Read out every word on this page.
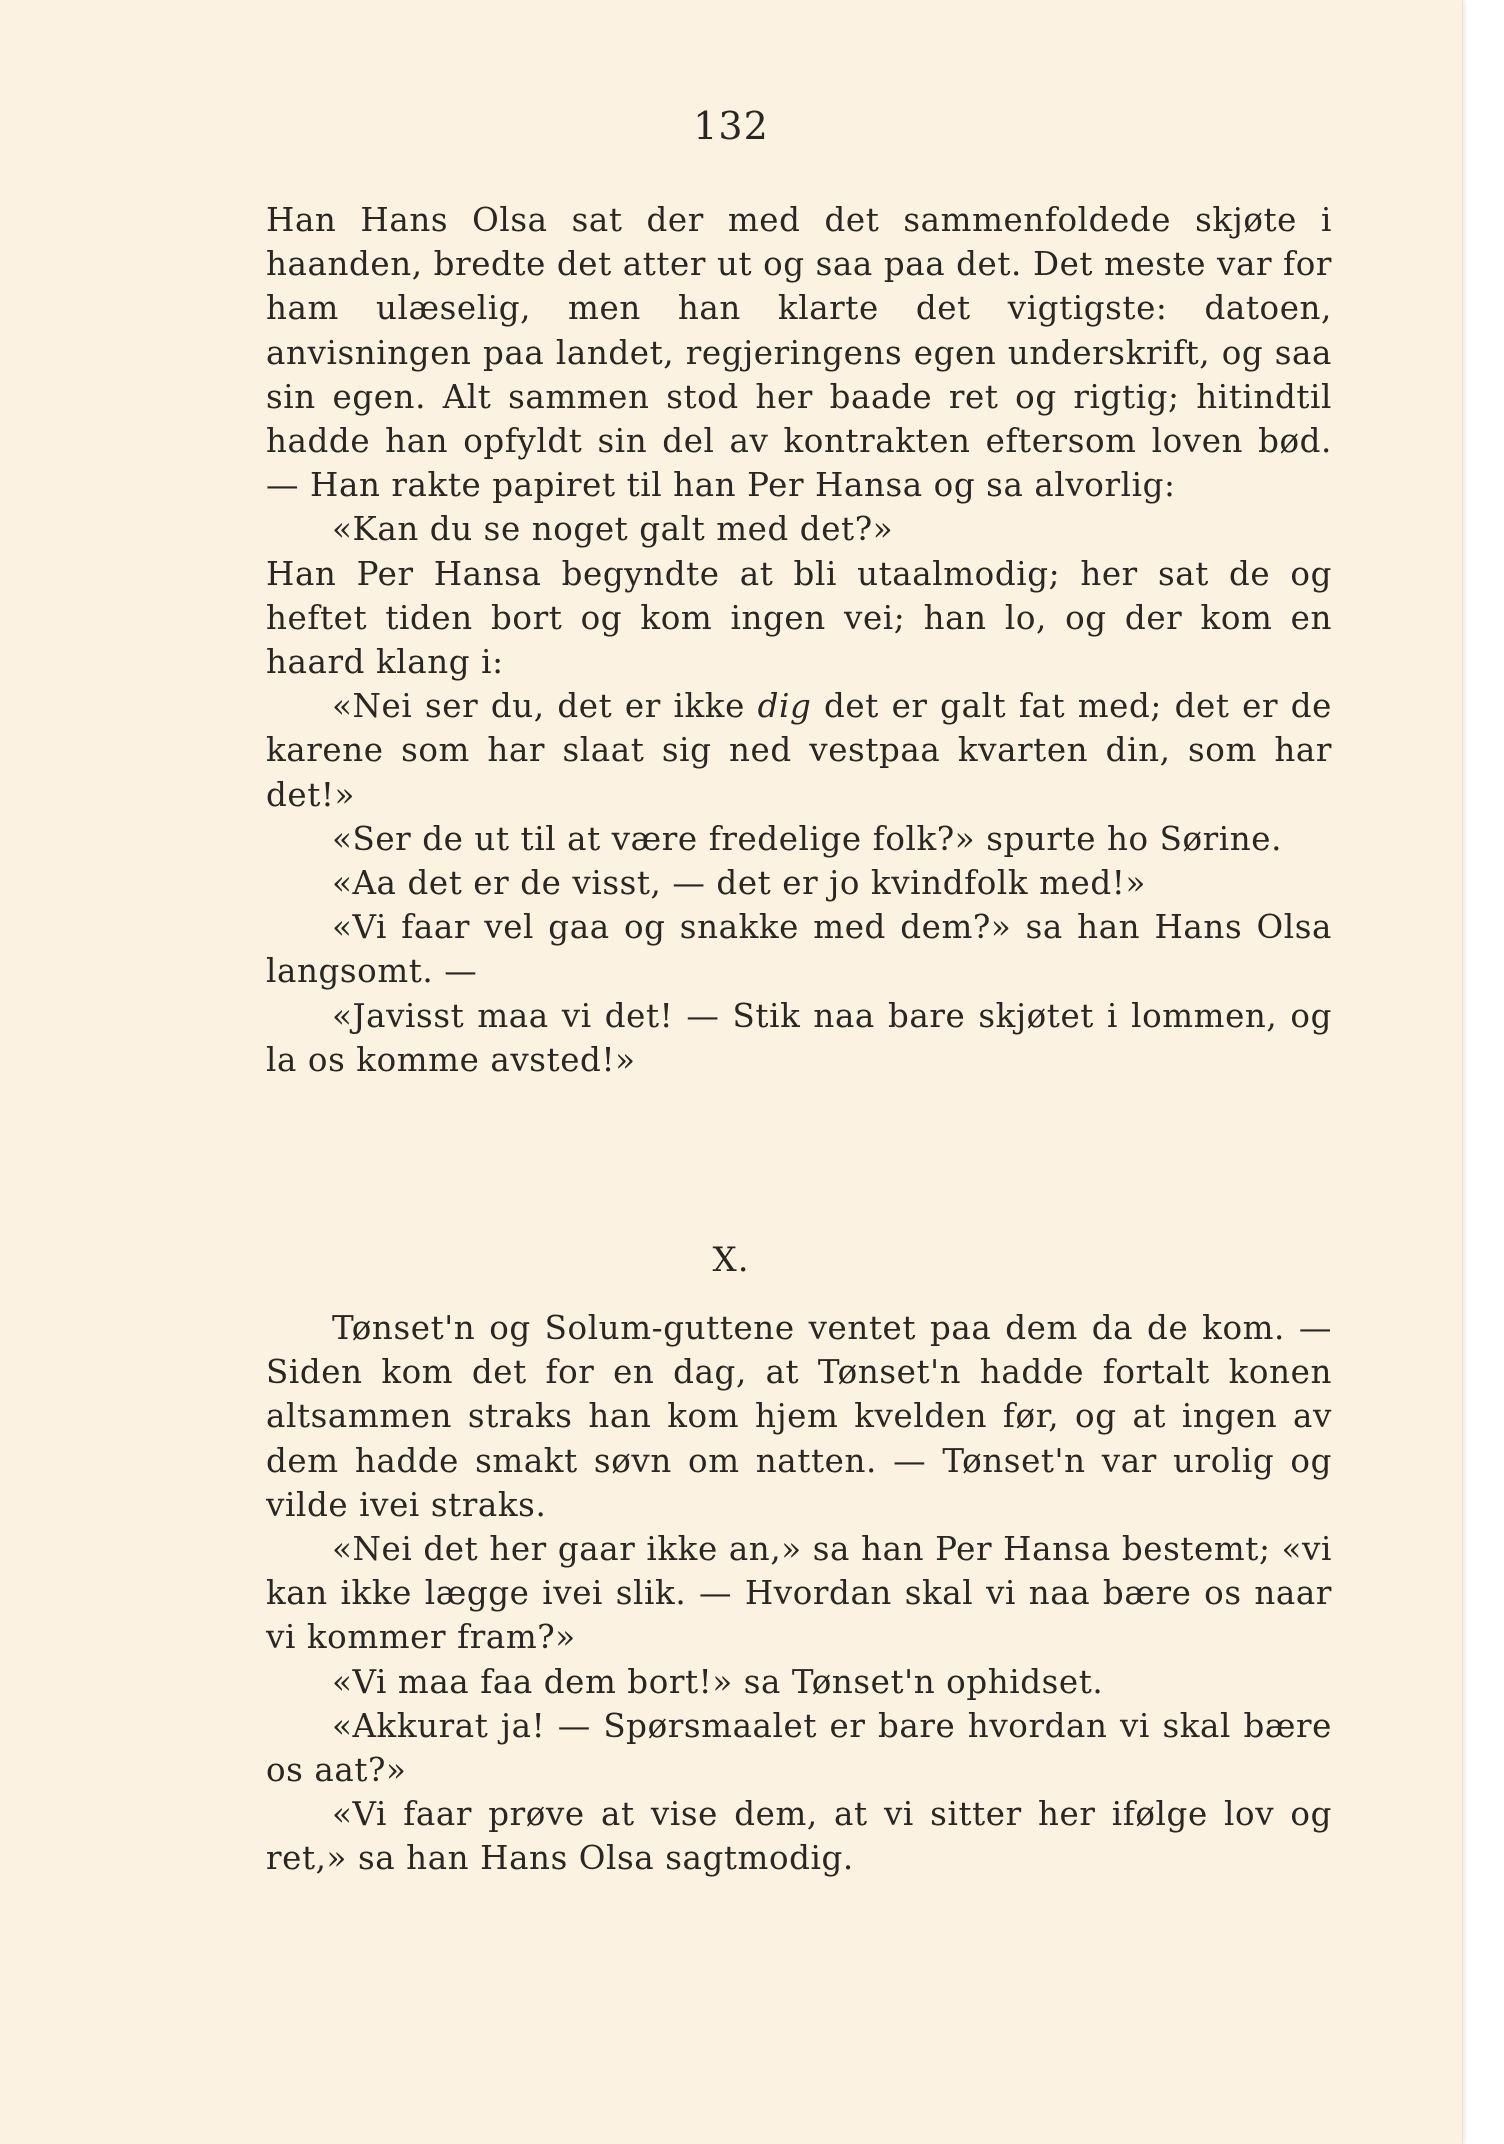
132

Han Hans Olsa sat der med det sammenfoldede skjøte i haanden, bredte det atter ut og saa paa det. Det meste var for ham ulæselig, men han klarte det vigtigste: datoen, anvisningen paa landet, regjeringens egen underskrift, og saa sin egen. Alt sammen stod her baade ret og rigtig; hitindtil hadde han opfyldt sin del av kontrakten eftersom loven bød. — Han rakte papiret til han Per Hansa og sa alvorlig:

«Kan du se noget galt med det?»

Han Per Hansa begyndte at bli utaalmodig; her sat de og heftet tiden bort og kom ingen vei; han lo, og der kom en haard klang i:

«Nei ser du, det er ikke dig det er galt fat med; det er de karene som har slaat sig ned vestpaa kvarten din, som har det!»

«Ser de ut til at være fredelige folk?» spurte ho Sørine.

«Aa det er de visst, — det er jo kvindfolk med!»

«Vi faar vel gaa og snakke med dem?» sa han Hans Olsa langsomt. —

«Javisst maa vi det! — Stik naa bare skjøtet i lommen, og la os komme avsted!»

X.

Tønset'n og Solum-guttene ventet paa dem da de kom. — Siden kom det for en dag, at Tønset'n hadde fortalt konen altsammen straks han kom hjem kvelden før, og at ingen av dem hadde smakt søvn om natten. — Tønset'n var urolig og vilde ivei straks.

«Nei det her gaar ikke an,» sa han Per Hansa bestemt; «vi kan ikke lægge ivei slik. — Hvordan skal vi naa bære os naar vi kommer fram?»

«Vi maa faa dem bort!» sa Tønset'n ophidset.

«Akkurat ja! — Spørsmaalet er bare hvordan vi skal bære os aat?»

«Vi faar prøve at vise dem, at vi sitter her ifølge lov og ret,» sa han Hans Olsa sagtmodig.
